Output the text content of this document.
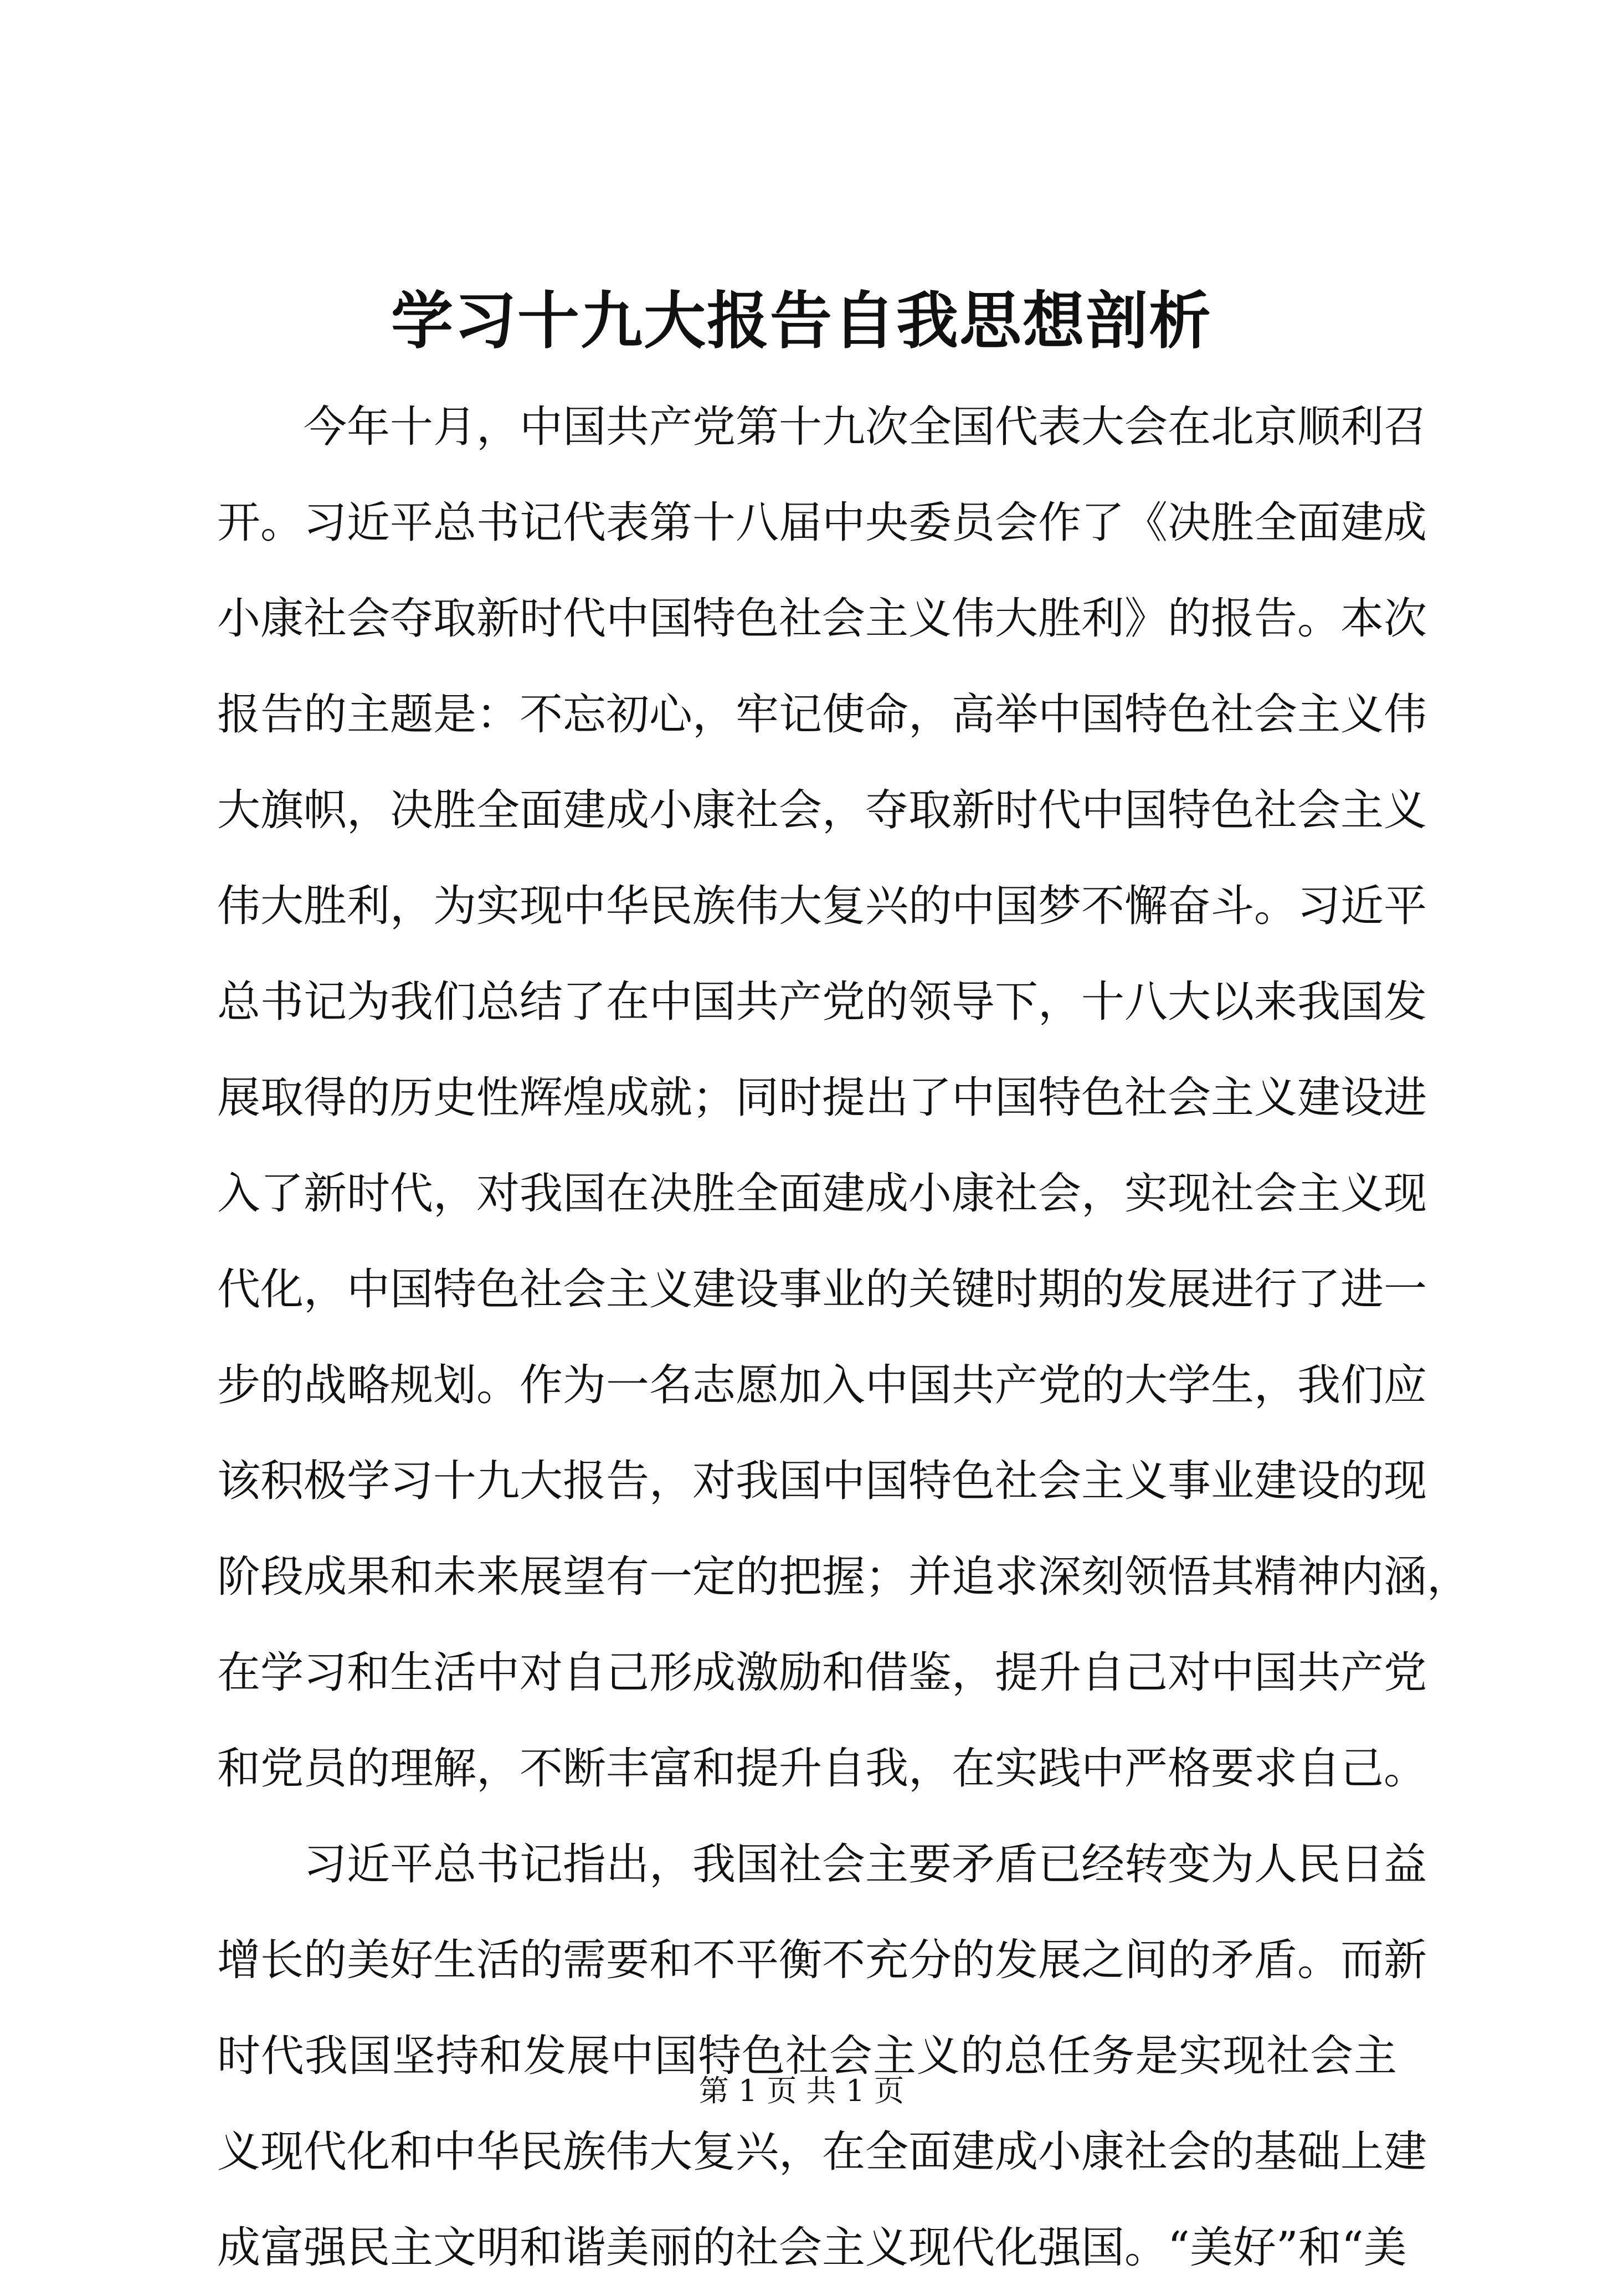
学习十九大报告自我思想剖析

今年十月，中国共产党第十九次全国代表大会在北京顺利召
开。习近平总书记代表第十八届中央委员会作了《决胜全面建成
小康社会夺取新时代中国特色社会主义伟大胜利》的报告。本次
报告的主题是：不忘初心，牢记使命，高举中国特色社会主义伟
大旗帜，决胜全面建成小康社会，夺取新时代中国特色社会主义
伟大胜利，为实现中华民族伟大复兴的中国梦不懈奋斗。习近平
总书记为我们总结了在中国共产党的领导下，十八大以来我国发
展取得的历史性辉煌成就；同时提出了中国特色社会主义建设进
入了新时代，对我国在决胜全面建成小康社会，实现社会主义现
代化，中国特色社会主义建设事业的关键时期的发展进行了进一
步的战略规划。作为一名志愿加入中国共产党的大学生，我们应
该积极学习十九大报告，对我国中国特色社会主义事业建设的现
阶段成果和未来展望有一定的把握；并追求深刻领悟其精神内涵，
在学习和生活中对自己形成激励和借鉴，提升自己对中国共产党
和党员的理解，不断丰富和提升自我，在实践中严格要求自己。

习近平总书记指出，我国社会主要矛盾已经转变为人民日益
增长的美好生活的需要和不平衡不充分的发展之间的矛盾。而新
时代我国坚持和发展中国特色社会主义的总任务是实现社会主
义现代化和中华民族伟大复兴，在全面建成小康社会的基础上建
成富强民主文明和谐美丽的社会主义现代化强国。“美好”和“美

第 1 页 共 1 页
